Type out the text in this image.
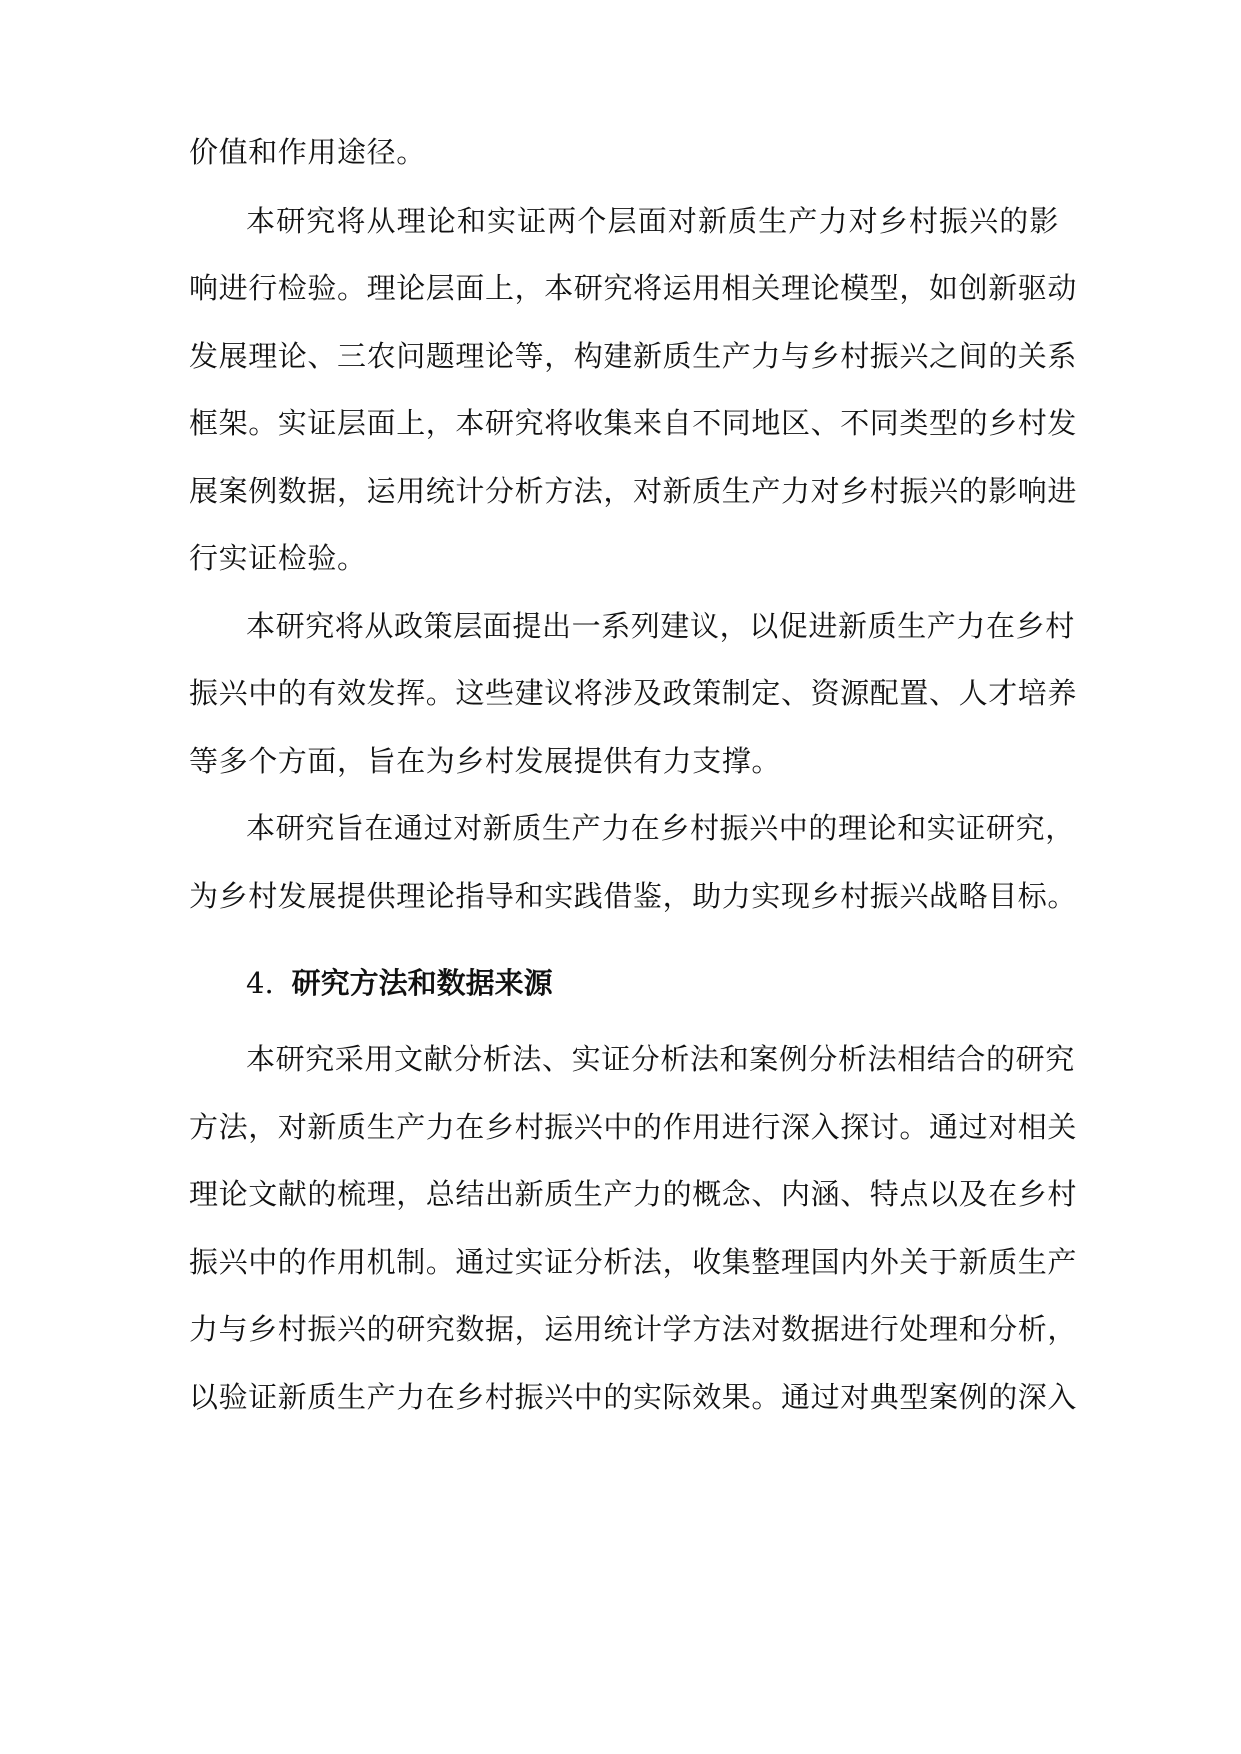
价值和作用途径。
本研究将从理论和实证两个层面对新质生产力对乡村振兴的影
响进行检验。理论层面上，本研究将运用相关理论模型，如创新驱动
发展理论、三农问题理论等，构建新质生产力与乡村振兴之间的关系
框架。实证层面上，本研究将收集来自不同地区、不同类型的乡村发
展案例数据，运用统计分析方法，对新质生产力对乡村振兴的影响进
行实证检验。
本研究将从政策层面提出一系列建议，以促进新质生产力在乡村
振兴中的有效发挥。这些建议将涉及政策制定、资源配置、人才培养
等多个方面，旨在为乡村发展提供有力支撑。
本研究旨在通过对新质生产力在乡村振兴中的理论和实证研究，
为乡村发展提供理论指导和实践借鉴，助力实现乡村振兴战略目标。
4. 研究方法和数据来源
本研究采用文献分析法、实证分析法和案例分析法相结合的研究
方法，对新质生产力在乡村振兴中的作用进行深入探讨。通过对相关
理论文献的梳理，总结出新质生产力的概念、内涵、特点以及在乡村
振兴中的作用机制。通过实证分析法，收集整理国内外关于新质生产
力与乡村振兴的研究数据，运用统计学方法对数据进行处理和分析，
以验证新质生产力在乡村振兴中的实际效果。通过对典型案例的深入
